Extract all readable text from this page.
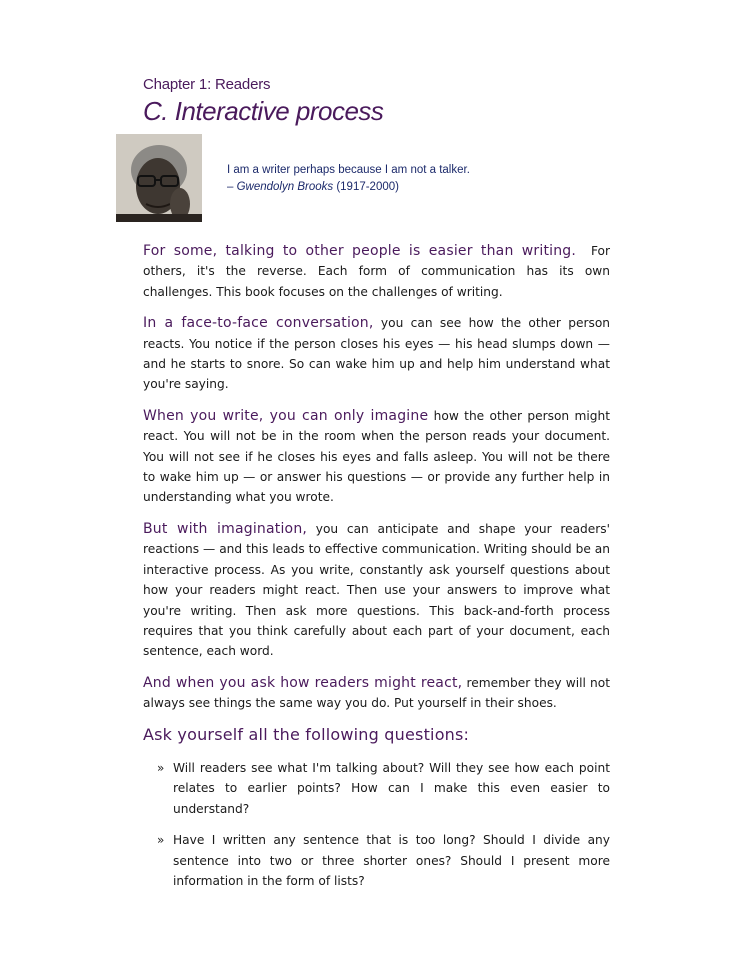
Chapter 1: Readers
C. Interactive process
I am a writer perhaps because I am not a talker.
– Gwendolyn Brooks (1917-2000)

For some, talking to other people is easier than writing. For others, it's the reverse. Each form of communication has its own challenges. This book focuses on the challenges of writing.

In a face-to-face conversation, you can see how the other person reacts. You notice if the person closes his eyes — his head slumps down — and he starts to snore. So can wake him up and help him understand what you're saying.

When you write, you can only imagine how the other person might react. You will not be in the room when the person reads your document. You will not see if he closes his eyes and falls asleep. You will not be there to wake him up — or answer his questions — or provide any further help in understanding what you wrote.

But with imagination, you can anticipate and shape your readers' reactions — and this leads to effective communication. Writing should be an interactive process. As you write, constantly ask yourself questions about how your readers might react. Then use your answers to improve what you're writing. Then ask more questions. This back-and-forth process requires that you think carefully about each part of your document, each sentence, each word.

And when you ask how readers might react, remember they will not always see things the same way you do. Put yourself in their shoes.

Ask yourself all the following questions:
» Will readers see what I'm talking about? Will they see how each point relates to earlier points? How can I make this even easier to understand?
» Have I written any sentence that is too long? Should I divide any sentence into two or three shorter ones? Should I present more information in the form of lists?
